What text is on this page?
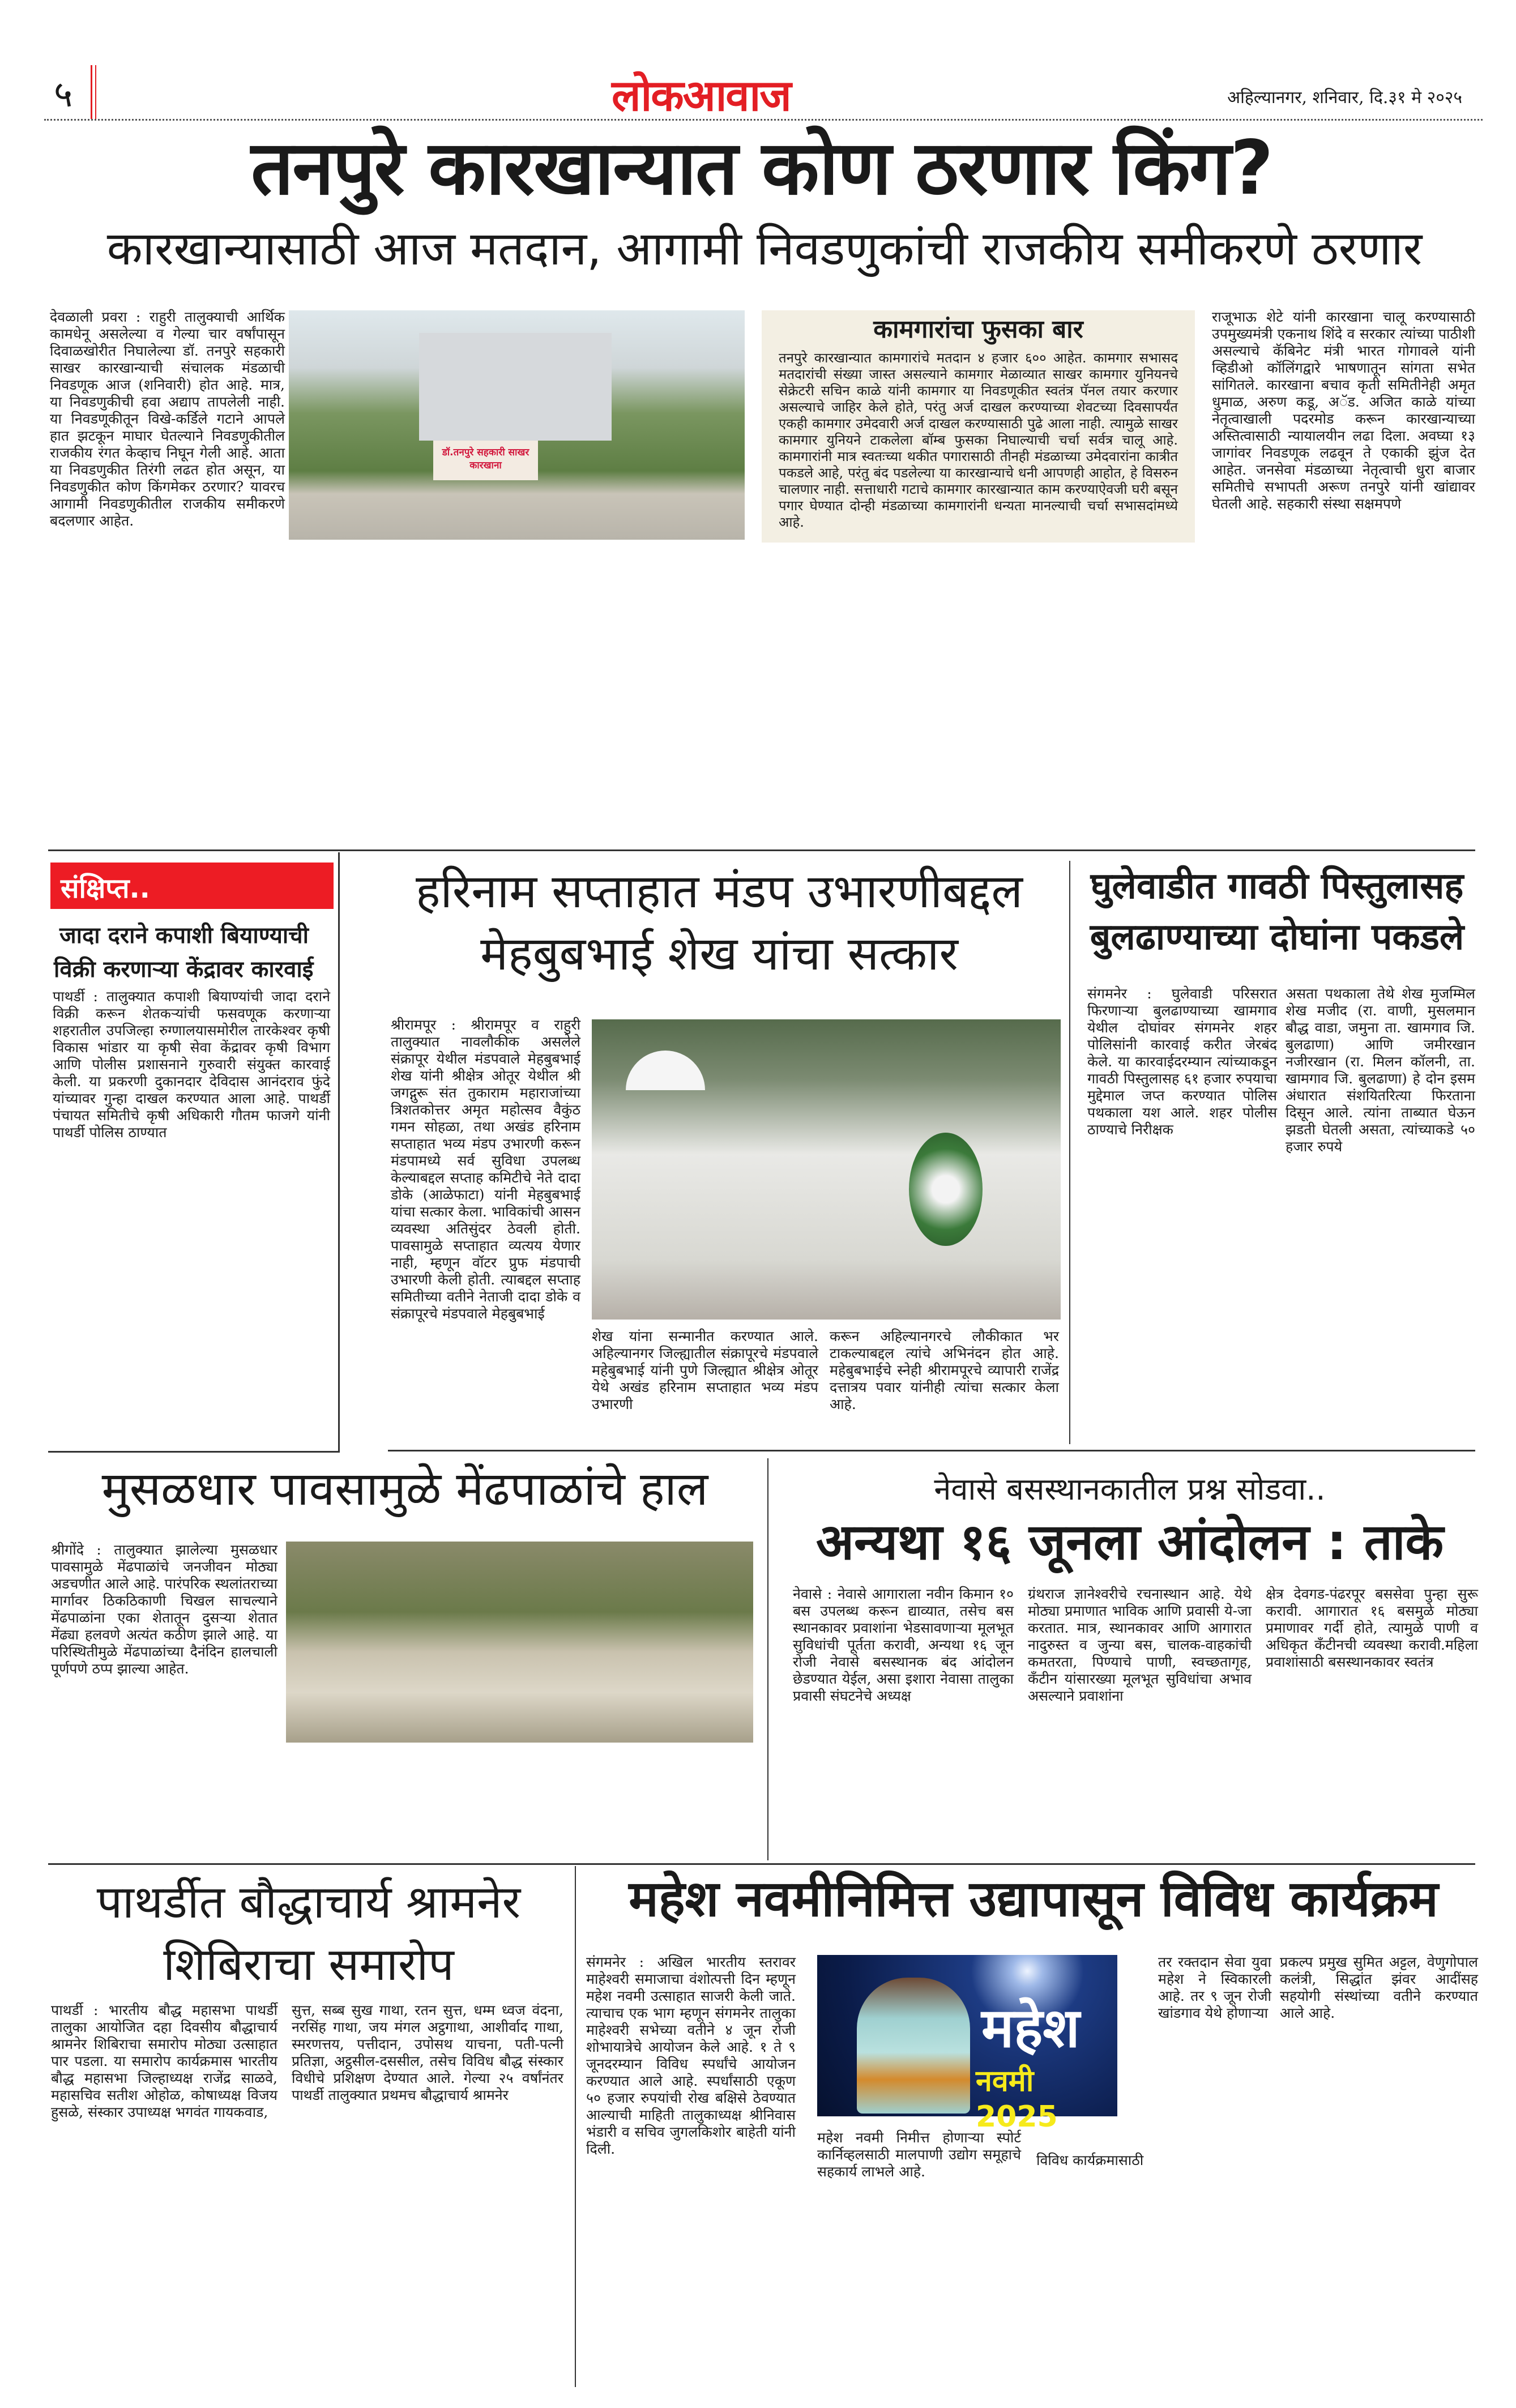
५	लोकआवाज	अहिल्यानगर, शनिवार, दि.३१ मे २०२५
तनपुरे कारखान्यात कोण ठरणार किंग?
कारखान्यासाठी आज मतदान, आगामी निवडणुकांची राजकीय समीकरणे ठरणार

देवळाली प्रवरा : राहुरी तालुक्याची आर्थिक कामधेनू असलेल्या व गेल्या चार वर्षांपासून दिवाळखोरीत निघालेल्या डॉ. तनपुरे सहकारी साखर कारखान्याची संचालक मंडळाची निवडणूक आज (शनिवारी) होत आहे. मात्र, या निवडणुकीची हवा अद्याप तापलेली नाही. या निवडणूकीतून विखे-कर्डिले गटाने आपले हात झटकून माघार घेतल्याने निवडणुकीतील राजकीय रंगत केव्हाच निघून गेली आहे. आता या निवडणुकीत तिरंगी लढत होत असून, या निवडणुकीत कोण किंगमेकर ठरणार? यावरच आगामी निवडणुकीतील राजकीय समीकरणे बदलणार आहेत.

डॉ.तनपुरे सहकारी साखर कारखाना
कामगारांचा फुसका बार

तनपुरे कारखान्यात कामगारांचे मतदान ४ हजार ६०० आहेत. कामगार सभासद मतदारांची संख्या जास्त असल्याने कामगार मेळाव्यात साखर कामगार युनियनचे सेक्रेटरी सचिन काळे यांनी कामगार या निवडणूकीत स्वतंत्र पॅनल तयार करणार असल्याचे जाहिर केले होते, परंतु अर्ज दाखल करण्याच्या शेवटच्या दिवसापर्यंत एकही कामगार उमेदवारी अर्ज दाखल करण्यासाठी पुढे आला नाही. त्यामुळे साखर कामगार युनियने टाकलेला बॉम्ब फुसका निघाल्याची चर्चा सर्वत्र चालू आहे. कामगारांनी मात्र स्वतःच्या थकीत पगारासाठी तीनही मंडळाच्या उमेदवारांना कात्रीत पकडले आहे, परंतु बंद पडलेल्या या कारखान्याचे धनी आपणही आहोत, हे विसरुन चालणार नाही. सत्ताधारी गटाचे कामगार कारखान्यात काम करण्याऐवजी घरी बसून पगार घेण्यात दोन्ही मंडळाच्या कामगारांनी धन्यता मानल्याची चर्चा सभासदांमध्ये आहे.

राजूभाऊ शेटे यांनी कारखाना चालू करण्यासाठी उपमुख्यमंत्री एकनाथ शिंदे व सरकार त्यांच्या पाठीशी असल्याचे कॅबिनेट मंत्री भारत गोगावले यांनी व्हिडीओ कॉलिंगद्वारे भाषणातून सांगता सभेत सांगितले. कारखाना बचाव कृती समितीनेही अमृत धुमाळ, अरुण कडू, अॅड. अजित काळे यांच्या नेतृत्वाखाली पदरमोड करून कारखान्याच्या अस्तित्वासाठी न्यायालयीन लढा दिला. अवघ्या १३ जागांवर निवडणूक लढवून ते एकाकी झुंज देत आहेत. जनसेवा मंडळाच्या नेतृत्वाची धुरा बाजार समितीचे सभापती अरूण तनपुरे यांनी खांद्यावर घेतली आहे. सहकारी संस्था सक्षमपणे

संक्षिप्त..
जादा दराने कपाशी बियाण्याची
विक्री करणाऱ्या केंद्रावर कारवाई

पाथर्डी : तालुक्यात कपाशी बियाण्यांची जादा दराने विक्री करून शेतकऱ्यांची फसवणूक करणाऱ्या शहरातील उपजिल्हा रुग्णालयासमोरील तारकेश्वर कृषी विकास भांडार या कृषी सेवा केंद्रावर कृषी विभाग आणि पोलीस प्रशासनाने गुरुवारी संयुक्त कारवाई केली. या प्रकरणी दुकानदार देविदास आनंदराव फुंदे यांच्यावर गुन्हा दाखल करण्यात आला आहे. पाथर्डी पंचायत समितीचे कृषी अधिकारी गौतम फाजगे यांनी पाथर्डी पोलिस ठाण्यात

हरिनाम सप्ताहात मंडप उभारणीबद्दल
मेहबुबभाई शेख यांचा सत्कार

श्रीरामपूर : श्रीरामपूर व राहुरी तालुक्यात नावलौकीक असलेले संक्रापूर येथील मंडपवाले मेहबुबभाई शेख यांनी श्रीक्षेत्र ओतूर येथील श्री जगद्गुरू संत तुकाराम महाराजांच्या त्रिशतकोत्तर अमृत महोत्सव वैकुंठ गमन सोहळा, तथा अखंड हरिनाम सप्ताहात भव्य मंडप उभारणी करून मंडपामध्ये सर्व सुविधा उपलब्ध केल्याबद्दल सप्ताह कमिटीचे नेते दादा डोके (आळेफाटा) यांनी मेहबुबभाई यांचा सत्कार केला. भाविकांची आसन व्यवस्था अतिसुंदर ठेवली होती. पावसामुळे सप्ताहात व्यत्यय येणार नाही, म्हणून वॉटर प्रुफ मंडपाची उभारणी केली होती. त्याबद्दल सप्ताह समितीच्या वतीने नेताजी दादा डोके व संक्रापूरचे मंडपवाले मेहबुबभाई

शेख यांना सन्मानीत करण्यात आले. अहिल्यानगर जिल्ह्यातील संक्रापूरचे मंडपवाले महेबुबभाई यांनी पुणे जिल्ह्यात श्रीक्षेत्र ओतूर येथे अखंड हरिनाम सप्ताहात भव्य मंडप उभारणी

करून अहिल्यानगरचे लौकीकात भर टाकल्याबद्दल त्यांचे अभिनंदन होत आहे. महेबुबभाईचे स्नेही श्रीरामपूरचे व्यापारी राजेंद्र दत्तात्रय पवार यांनीही त्यांचा सत्कार केला आहे.

घुलेवाडीत गावठी पिस्तुलासह
बुलढाण्याच्या दोघांना पकडले

संगमनेर : घुलेवाडी परिसरात फिरणाऱ्या बुलढाण्याच्या खामगाव येथील दोघांवर संगमनेर शहर पोलिसांनी कारवाई करीत जेरबंद केले. या कारवाईदरम्यान त्यांच्याकडून गावठी पिस्तुलासह ६१ हजार रुपयाचा मुद्देमाल जप्त करण्यात पोलिस पथकाला यश आले. शहर पोलीस ठाण्याचे निरीक्षक

असता पथकाला तेथे शेख मुजम्मिल शेख मजीद (रा. वाणी, मुसलमान बौद्ध वाडा, जमुना ता. खामगाव जि. बुलढाणा) आणि जमीरखान नजीरखान (रा. मिलन कॉलनी, ता. खामगाव जि. बुलढाणा) हे दोन इसम अंधारात संशयितरित्या फिरताना दिसून आले. त्यांना ताब्यात घेऊन झडती घेतली असता, त्यांच्याकडे ५० हजार रुपये

मुसळधार पावसामुळे मेंढपाळांचे हाल

श्रीगोंदे : तालुक्यात झालेल्या मुसळधार पावसामुळे मेंढपाळांचे जनजीवन मोठ्या अडचणीत आले आहे. पारंपरिक स्थलांतराच्या मार्गावर ठिकठिकाणी चिखल साचल्याने मेंढपाळांना एका शेतातून दुसऱ्या शेतात मेंढ्या हलवणे अत्यंत कठीण झाले आहे. या परिस्थितीमुळे मेंढपाळांच्या दैनंदिन हालचाली पूर्णपणे ठप्प झाल्या आहेत.

नेवासे बसस्थानकातील प्रश्न सोडवा..
अन्यथा १६ जूनला आंदोलन : ताके

नेवासे : नेवासे आगाराला नवीन किमान १० बस उपलब्ध करून द्याव्यात, तसेच बस स्थानकावर प्रवाशांना भेडसावणाऱ्या मूलभूत सुविधांची पूर्तता करावी, अन्यथा १६ जून रोजी नेवासे बसस्थानक बंद आंदोलन छेडण्यात येईल, असा इशारा नेवासा तालुका प्रवासी संघटनेचे अध्यक्ष

ग्रंथराज ज्ञानेश्वरीचे रचनास्थान आहे. येथे मोठ्या प्रमाणात भाविक आणि प्रवासी ये-जा करतात. मात्र, स्थानकावर आणि आगारात नादुरुस्त व जुन्या बस, चालक-वाहकांची कमतरता, पिण्याचे पाणी, स्वच्छतागृह, कॅंटीन यांसारख्या मूलभूत सुविधांचा अभाव असल्याने प्रवाशांना

क्षेत्र देवगड-पंढरपूर बससेवा पुन्हा सुरू करावी. आगारात १६ बसमुळे मोठ्या प्रमाणावर गर्दी होते, त्यामुळे पाणी व अधिकृत कॅंटीनची व्यवस्था करावी.महिला प्रवाशांसाठी बसस्थानकावर स्वतंत्र

पाथर्डीत बौद्धाचार्य श्रामनेर
शिबिराचा समारोप

पाथर्डी : भारतीय बौद्ध महासभा पाथर्डी तालुका आयोजित दहा दिवसीय बौद्धाचार्य श्रामनेर शिबिराचा समारोप मोठ्या उत्साहात पार पडला. या समारोप कार्यक्रमास भारतीय बौद्ध महासभा जिल्हाध्यक्ष राजेंद्र साळवे, महासचिव सतीश ओहोळ, कोषाध्यक्ष विजय हुसळे, संस्कार उपाध्यक्ष भगवंत गायकवाड,

सुत्त, सब्ब सुख गाथा, रतन सुत्त, धम्म ध्वज वंदना, नरसिंह गाथा, जय मंगल अट्ठगाथा, आशीर्वाद गाथा, स्मरणत्तय, पत्तीदान, उपोसथ याचना, पती-पत्नी प्रतिज्ञा, अट्ठसील-दससील, तसेच विविध बौद्ध संस्कार विधीचे प्रशिक्षण देण्यात आले. गेल्या २५ वर्षांनंतर पाथर्डी तालुक्यात प्रथमच बौद्धाचार्य श्रामनेर

महेश नवमीनिमित्त उद्यापासून विविध कार्यक्रम

संगमनेर : अखिल भारतीय स्तरावर माहेश्वरी समाजाचा वंशोत्पत्ती दिन म्हणून महेश नवमी उत्साहात साजरी केली जाते. त्याचाच एक भाग म्हणून संगमनेर तालुका माहेश्वरी सभेच्या वतीने ४ जून रोजी शोभायात्रेचे आयोजन केले आहे. १ ते ९ जूनदरम्यान विविध स्पर्धांचे आयोजन करण्यात आले आहे. स्पर्धांसाठी एकूण ५० हजार रुपयांची रोख बक्षिसे ठेवण्यात आल्याची माहिती तालुकाध्यक्ष श्रीनिवास भंडारी व सचिव जुगलकिशोर बाहेती यांनी दिली.

महेश
नवमी 2025

महेश नवमी निमीत्त होणाऱ्या स्पोर्ट कार्निव्हलसाठी मालपाणी उद्योग समूहाचे सहकार्य लाभले आहे.

विविध कार्यक्रमासाठी

तर रक्तदान सेवा युवा महेश ने स्विकारली आहे. तर ९ जून रोजी खांडगाव येथे होणाऱ्या

प्रकल्प प्रमुख सुमित अट्टल, वेणुगोपाल कलंत्री, सिद्धांत झंवर आदींसह सहयोगी संस्थांच्या वतीने करण्यात आले आहे.
